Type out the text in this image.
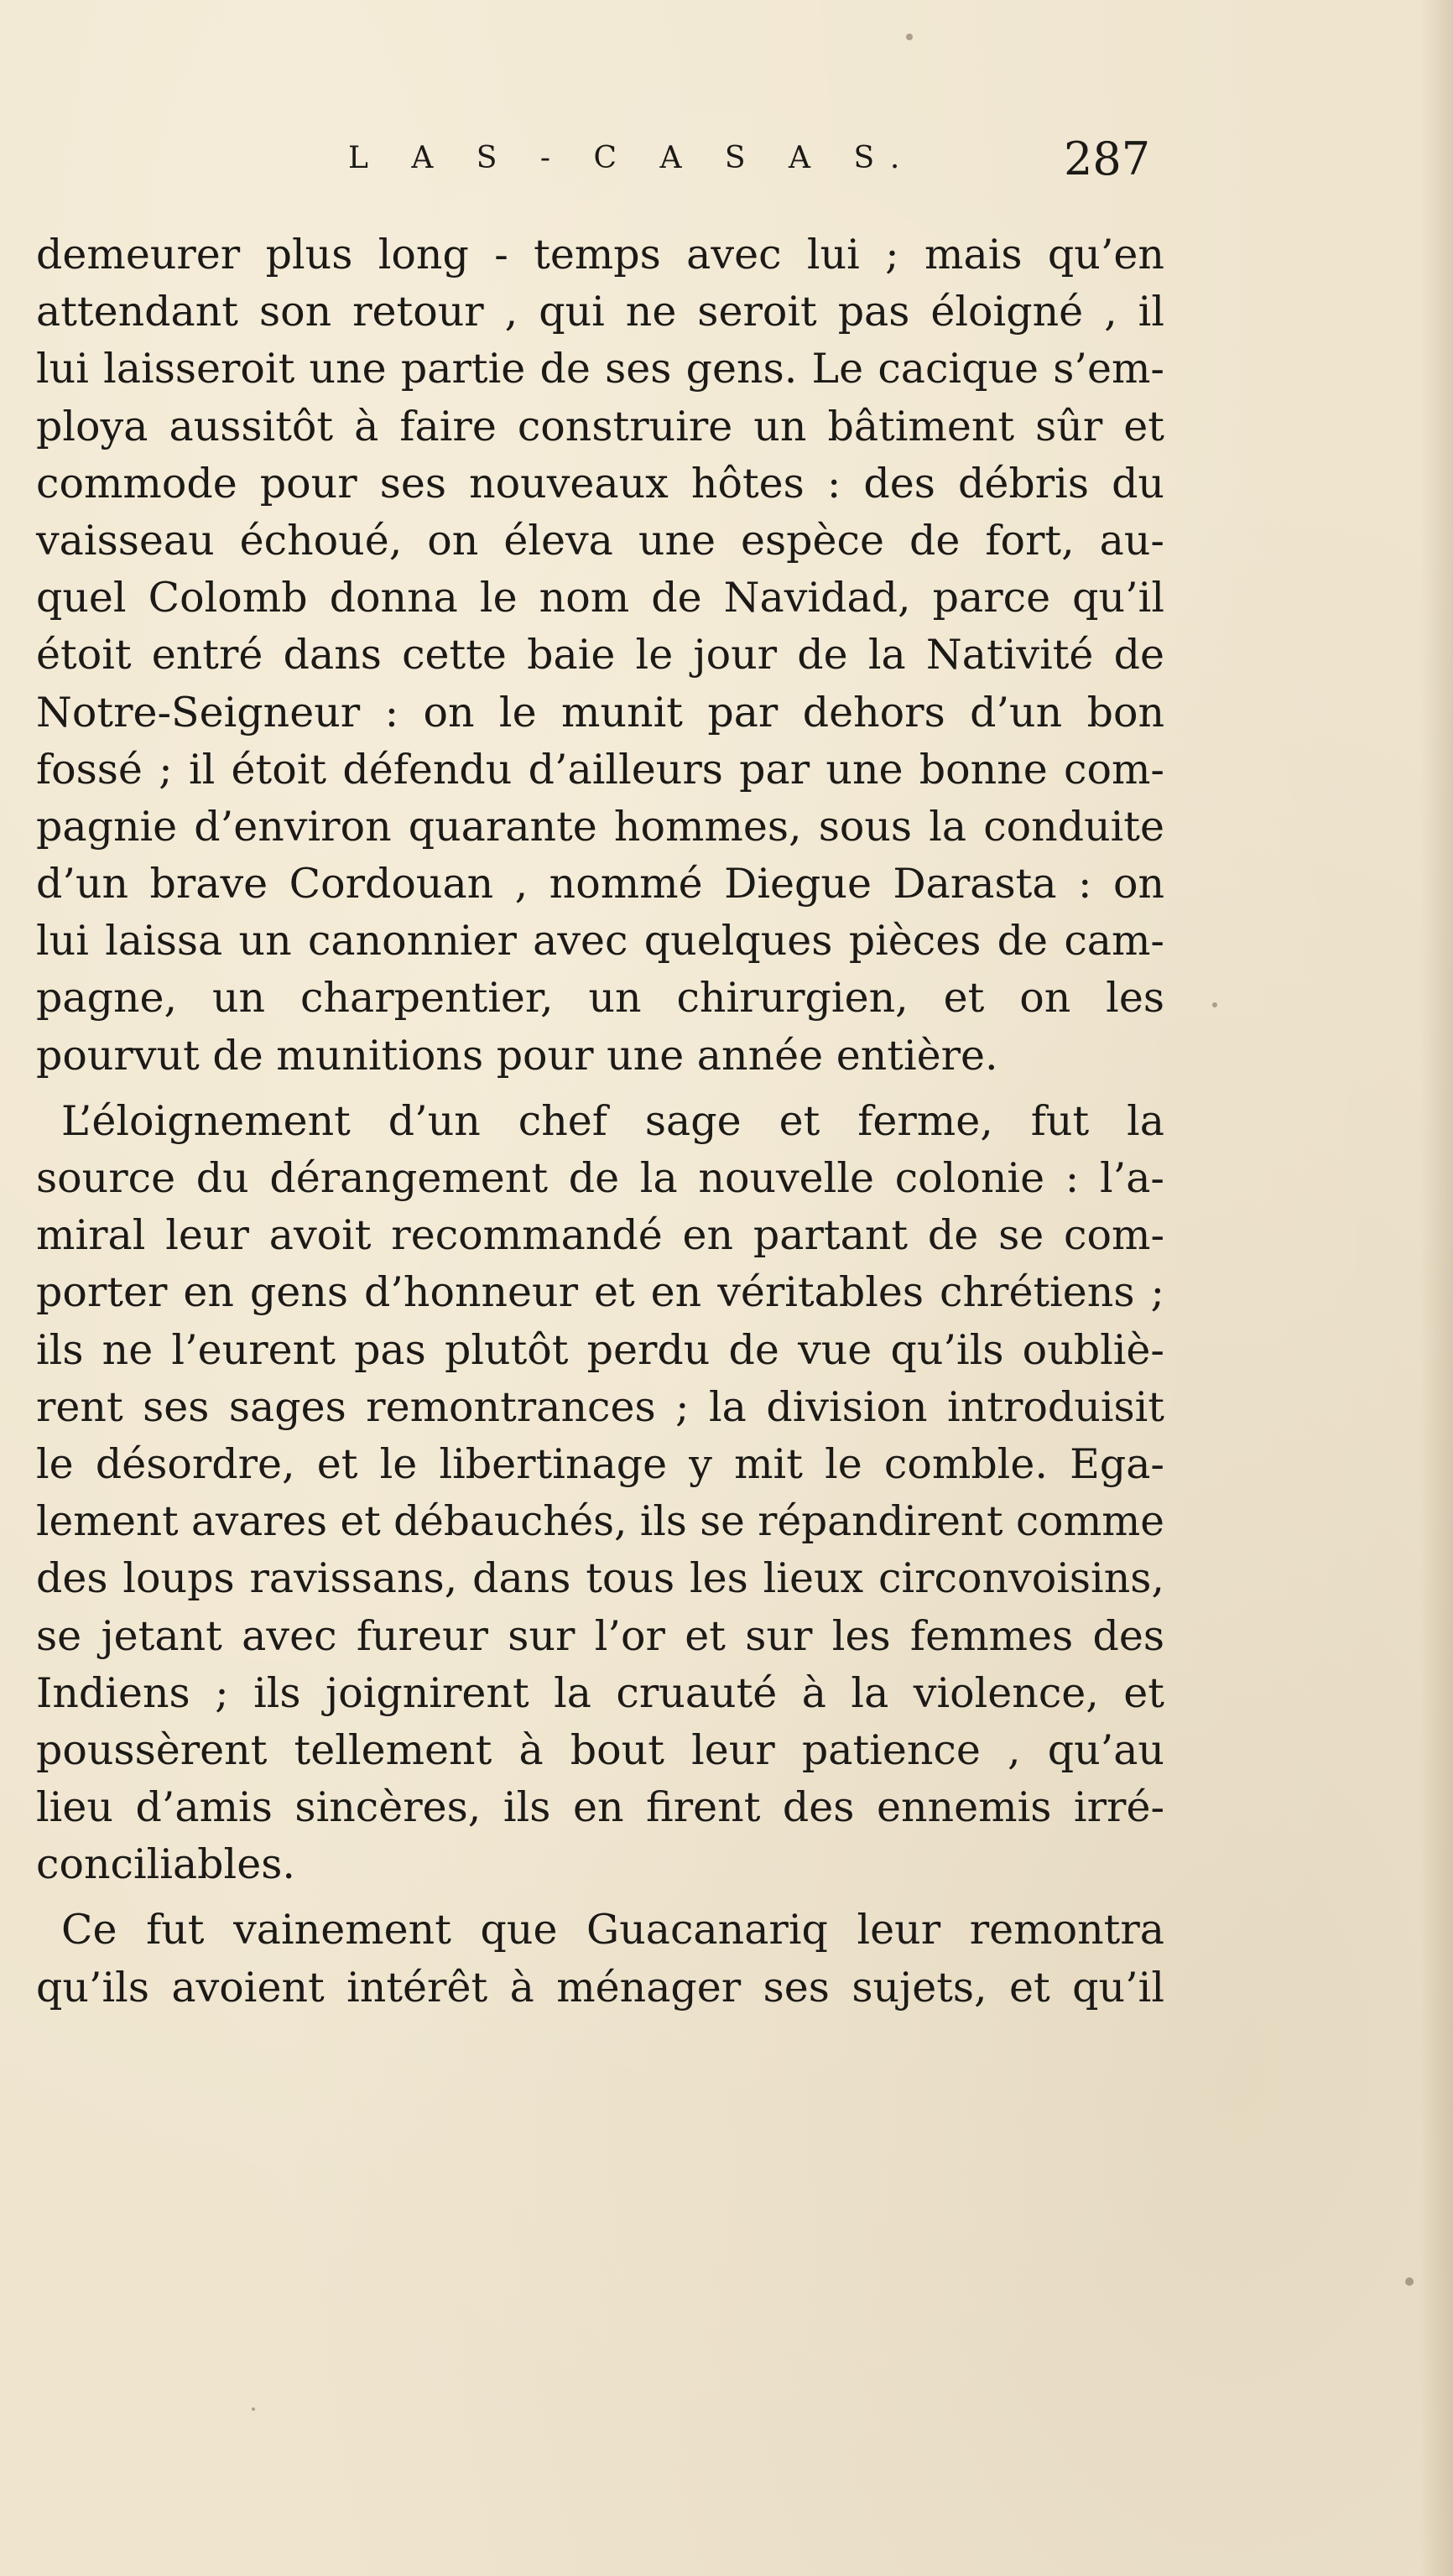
L A S - C A S A S.	287
demeurer plus long - temps avec lui ; mais qu’en
attendant son retour , qui ne seroit pas éloigné , il
lui laisseroit une partie de ses gens. Le cacique s’em-
ploya aussitôt à faire construire un bâtiment sûr et
commode pour ses nouveaux hôtes : des débris du
vaisseau échoué, on éleva une espèce de fort, au-
quel Colomb donna le nom de Navidad, parce qu’il
étoit entré dans cette baie le jour de la Nativité de
Notre-Seigneur : on le munit par dehors d’un bon
fossé ; il étoit défendu d’ailleurs par une bonne com-
pagnie d’environ quarante hommes, sous la conduite
d’un brave Cordouan , nommé Diegue Darasta : on
lui laissa un canonnier avec quelques pièces de cam-
pagne, un charpentier, un chirurgien, et on les
pourvut de munitions pour une année entière.
L’éloignement d’un chef sage et ferme, fut la
source du dérangement de la nouvelle colonie : l’a-
miral leur avoit recommandé en partant de se com-
porter en gens d’honneur et en véritables chrétiens ;
ils ne l’eurent pas plutôt perdu de vue qu’ils oubliè-
rent ses sages remontrances ; la division introduisit
le désordre, et le libertinage y mit le comble. Ega-
lement avares et débauchés, ils se répandirent comme
des loups ravissans, dans tous les lieux circonvoisins,
se jetant avec fureur sur l’or et sur les femmes des
Indiens ; ils joignirent la cruauté à la violence, et
poussèrent tellement à bout leur patience , qu’au
lieu d’amis sincères, ils en firent des ennemis irré-
conciliables.
Ce fut vainement que Guacanariq leur remontra
qu’ils avoient intérêt à ménager ses sujets, et qu’il
